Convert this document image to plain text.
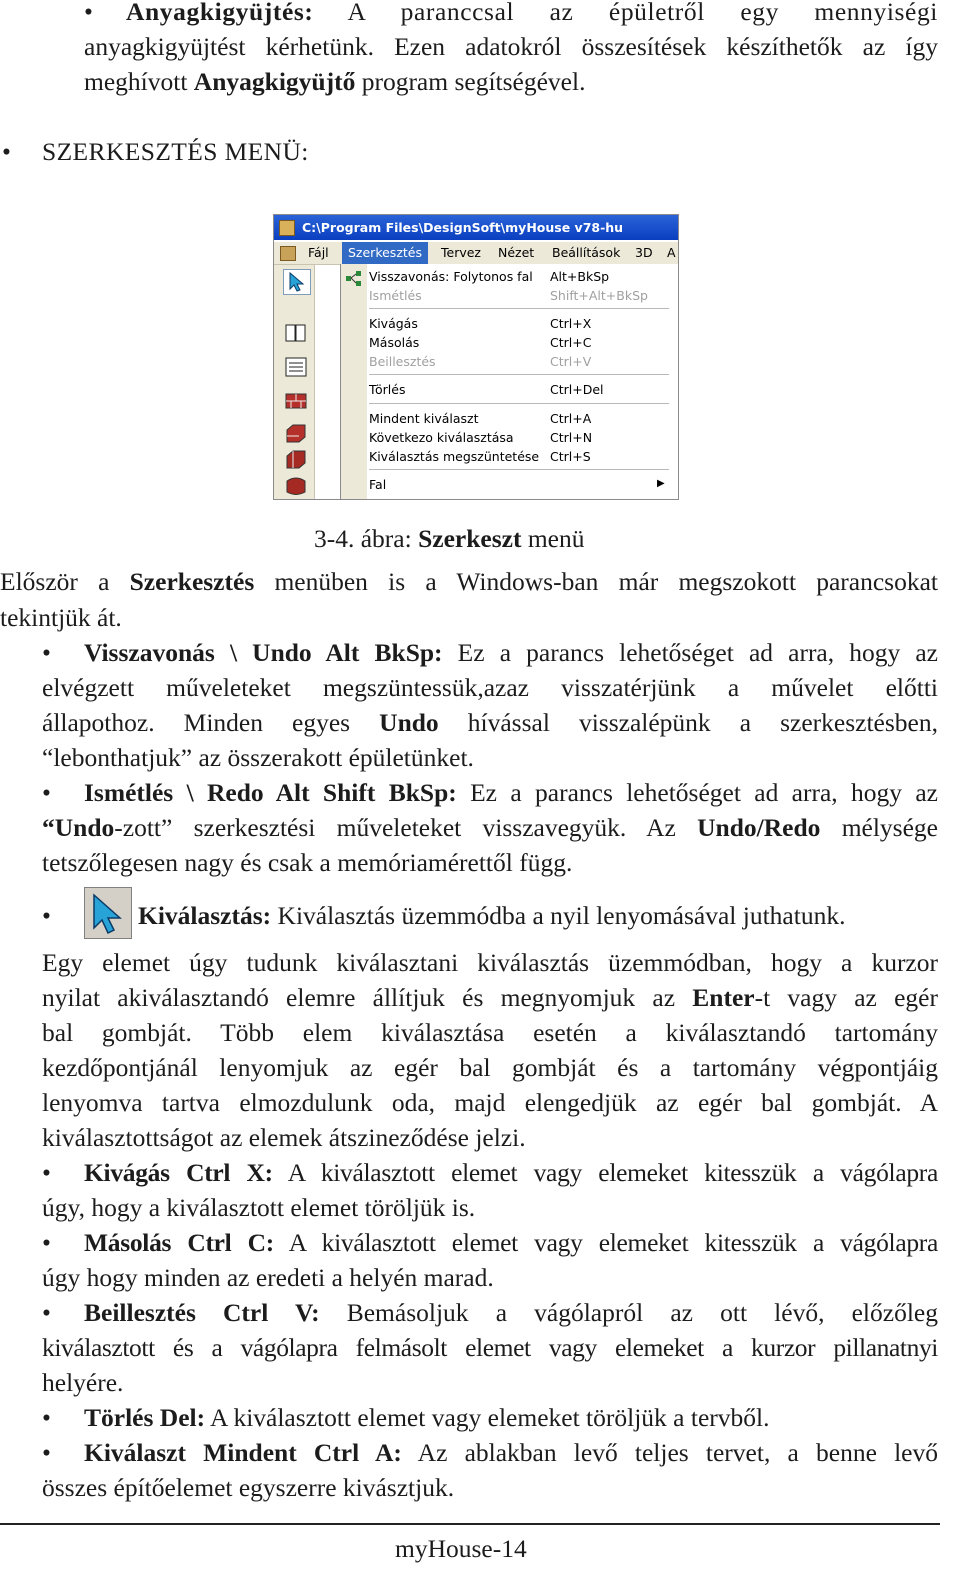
• Anyagkigyüjtés: A paranccsal az épületről egy mennyiségi
anyagkigyüjtést kérhetünk. Ezen adatokról összesítések készíthetők az így
meghívott Anyagkigyüjtő program segítségével.
• SZERKESZTÉS MENÜ:
C:\Program Files\DesignSoft\myHouse v78-hu
Fájl	Szerkesztés	Tervez Nézet Beállítások 3D A
Visszavonás: Folytonos fal	Alt+BkSp
Ismétlés	Shift+Alt+BkSp
Kivágás	Ctrl+X
Másolás	Ctrl+C
Beillesztés	Ctrl+V
Törlés	Ctrl+Del
Mindent kiválaszt	Ctrl+A
Következo kiválasztása	Ctrl+N
Kiválasztás megszüntetése Ctrl+S
Fal	▶
3-4. ábra: Szerkeszt menü
Először a Szerkesztés menüben is a Windows-ban már megszokott parancsokat
tekintjük át.
• Visszavonás \ Undo Alt BkSp: Ez a parancs lehetőséget ad arra, hogy az
elvégzett műveleteket megszüntessük,azaz visszatérjünk a művelet előtti
állapothoz. Minden egyes Undo hívással visszalépünk a szerkesztésben,
“lebonthatjuk” az összerakott épületünket.
• Ismétlés \ Redo Alt Shift BkSp: Ez a parancs lehetőséget ad arra, hogy az
“Undo-zott” szerkesztési műveleteket visszavegyük. Az Undo/Redo mélysége
tetszőlegesen nagy és csak a memóriamérettől függ.
•	Kiválasztás: Kiválasztás üzemmódba a nyil lenyomásával juthatunk.
Egy elemet úgy tudunk kiválasztani kiválasztás üzemmódban, hogy a kurzor
nyilat akiválasztandó elemre állítjuk és megnyomjuk az Enter-t vagy az egér
bal gombját. Több elem kiválasztása esetén a kiválasztandó tartomány
kezdőpontjánál lenyomjuk az egér bal gombját és a tartomány végpontjáig
lenyomva tartva elmozdulunk oda, majd elengedjük az egér bal gombját. A
kiválasztottságot az elemek átszineződése jelzi.
• Kivágás Ctrl X: A kiválasztott elemet vagy elemeket kitesszük a vágólapra
úgy, hogy a kiválasztott elemet töröljük is.
• Másolás Ctrl C: A kiválasztott elemet vagy elemeket kitesszük a vágólapra
úgy hogy minden az eredeti a helyén marad.
• Beillesztés Ctrl V: Bemásoljuk a vágólapról az ott lévő, előzőleg
kiválasztott és a vágólapra felmásolt elemet vagy elemeket a kurzor pillanatnyi
helyére.
• Törlés Del: A kiválasztott elemet vagy elemeket töröljük a tervből.
• Kiválaszt Mindent Ctrl A: Az ablakban levő teljes tervet, a benne levő
összes építőelemet egyszerre kivásztjuk.
myHouse-14
